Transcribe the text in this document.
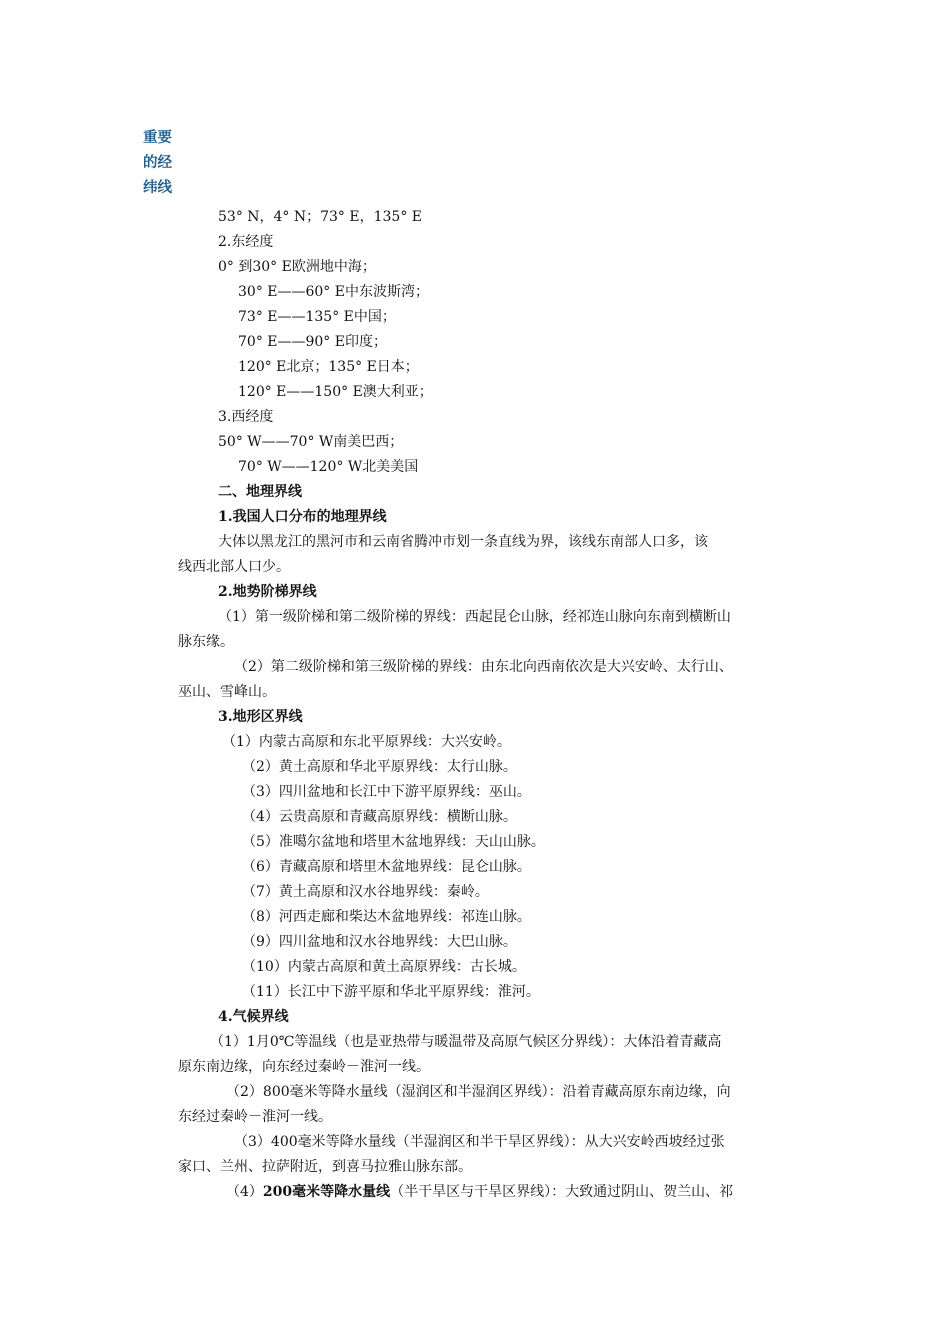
重要
的经
纬线
53° N，4° N；73° E，135° E
2.东经度
0° 到30° E欧洲地中海；
30° E——60° E中东波斯湾；
73° E——135° E中国；
70° E——90° E印度；
120° E北京；135° E日本；
120° E——150° E澳大利亚；
3.西经度
50° W——70° W南美巴西；
70° W——120° W北美美国
二、地理界线
1.我国人口分布的地理界线
大体以黑龙江的黑河市和云南省腾冲市划一条直线为界，该线东南部人口多，该
线西北部人口少。
2.地势阶梯界线
（1）第一级阶梯和第二级阶梯的界线：西起昆仑山脉，经祁连山脉向东南到横断山
脉东缘。
（2）第二级阶梯和第三级阶梯的界线：由东北向西南依次是大兴安岭、太行山、
巫山、雪峰山。
3.地形区界线
（1）内蒙古高原和东北平原界线：大兴安岭。
（2）黄土高原和华北平原界线：太行山脉。
（3）四川盆地和长江中下游平原界线：巫山。
（4）云贵高原和青藏高原界线：横断山脉。
（5）准噶尔盆地和塔里木盆地界线：天山山脉。
（6）青藏高原和塔里木盆地界线：昆仑山脉。
（7）黄土高原和汉水谷地界线：秦岭。
（8）河西走廊和柴达木盆地界线：祁连山脉。
（9）四川盆地和汉水谷地界线：大巴山脉。
（10）内蒙古高原和黄土高原界线：古长城。
（11）长江中下游平原和华北平原界线：淮河。
4.气候界线
（1）1月0℃等温线（也是亚热带与暖温带及高原气候区分界线）：大体沿着青藏高
原东南边缘，向东经过秦岭－淮河一线。
（2）800毫米等降水量线（湿润区和半湿润区界线）：沿着青藏高原东南边缘，向
东经过秦岭－淮河一线。
（3）400毫米等降水量线（半湿润区和半干旱区界线）：从大兴安岭西坡经过张
家口、兰州、拉萨附近，到喜马拉雅山脉东部。
（4）200毫米等降水量线（半干旱区与干旱区界线）：大致通过阴山、贺兰山、祁
